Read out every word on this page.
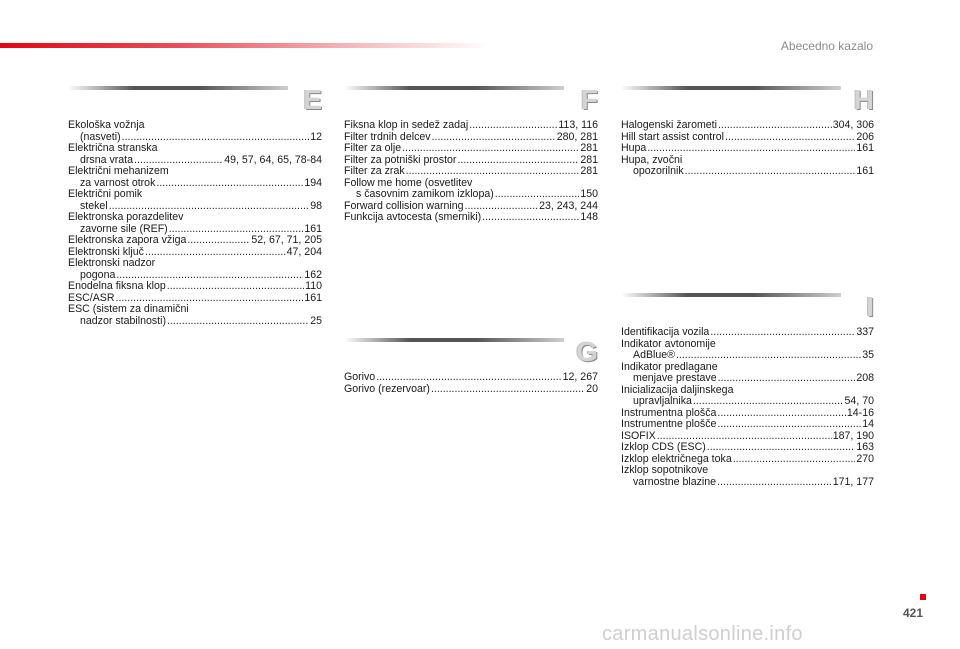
Abecedno kazalo
E
Ekološka vožnja
(nasveti) .....	12
Električna stranska
drsna vrata .....	49, 57, 64, 65, 78-84
Električni mehanizem
za varnost otrok .....	194
Električni pomik
stekel .....	98
Elektronska porazdelitev
zavorne sile (REF) .....	161
Elektronska zapora vžiga .....	52, 67, 71, 205
Elektronski ključ .....	47, 204
Elektronski nadzor
pogona .....	162
Enodelna fiksna klop .....	110
ESC/ASR .....	161
ESC (sistem za dinamični
nadzor stabilnosti) .....	25
F
Fiksna klop in sedež zadaj .....	113, 116
Filter trdnih delcev .....	280, 281
Filter za olje .....	281
Filter za potniški prostor .....	281
Filter za zrak .....	281
Follow me home (osvetlitev
s časovnim zamikom izklopa) .....	150
Forward collision warning .....	23, 243, 244
Funkcija avtocesta (smerniki) .....	148
G
Gorivo .....	12, 267
Gorivo (rezervoar) .....	20
H
Halogenski žarometi .....	304, 306
Hill start assist control .....	206
Hupa .....	161
Hupa, zvočni
opozorilnik .....	161
I
Identifikacija vozila .....	337
Indikator avtonomije
AdBlue® .....	35
Indikator predlagane
menjave prestave .....	208
Inicializacija daljinskega
upravljalnika .....	54, 70
Instrumentna plošča .....	14-16
Instrumentne plošče .....	14
ISOFIX .....	187, 190
Izklop CDS (ESC) .....	163
Izklop električnega toka .....	270
Izklop sopotnikove
varnostne blazine .....	171, 177
421
carmanualsonline.info
